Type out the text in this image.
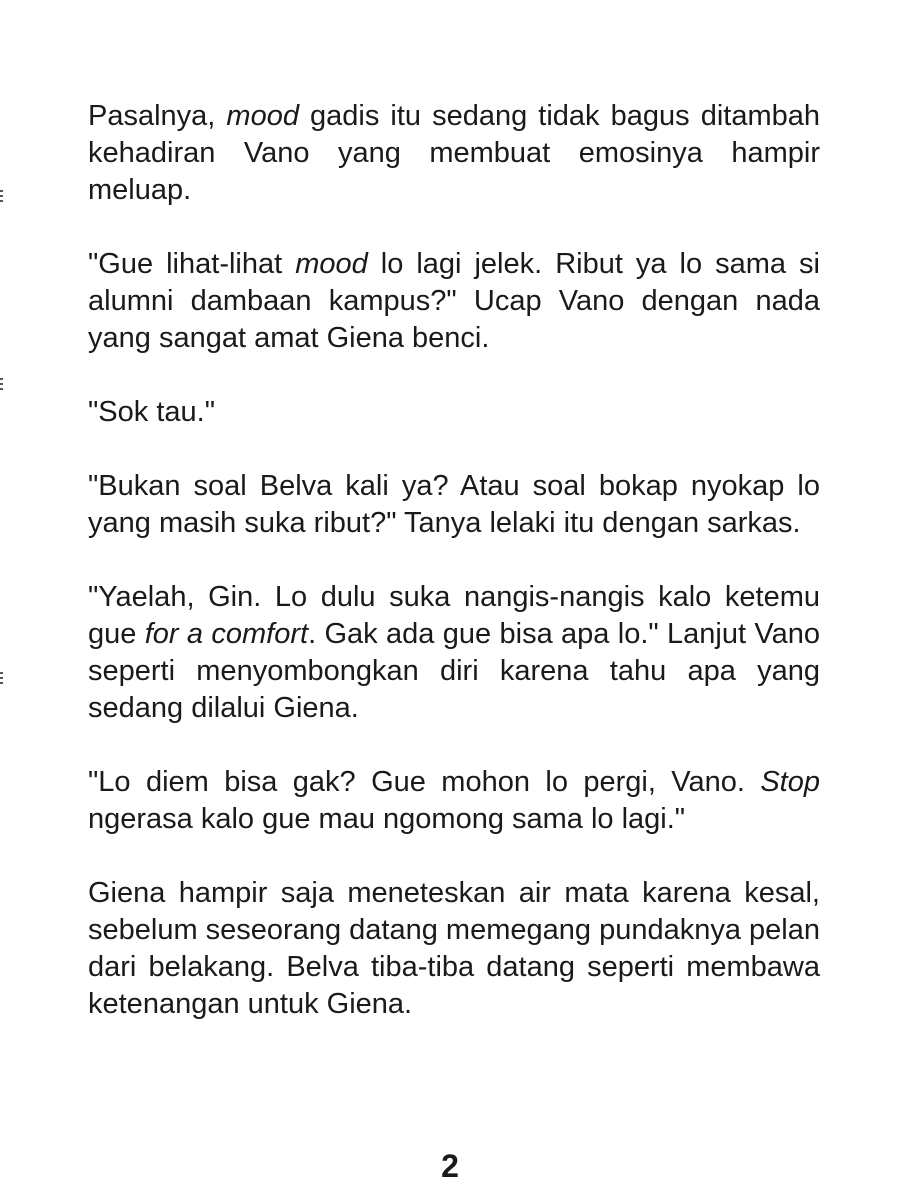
Pasalnya, mood gadis itu sedang tidak bagus ditambah kehadiran Vano yang membuat emosinya hampir meluap.

"Gue lihat-lihat mood lo lagi jelek. Ribut ya lo sama si alumni dambaan kampus?" Ucap Vano dengan nada yang sangat amat Giena benci.

"Sok tau."

"Bukan soal Belva kali ya? Atau soal bokap nyokap lo yang masih suka ribut?" Tanya lelaki itu dengan sarkas.

"Yaelah, Gin. Lo dulu suka nangis-nangis kalo ketemu gue for a comfort. Gak ada gue bisa apa lo." Lanjut Vano seperti menyombongkan diri karena tahu apa yang sedang dilalui Giena.

"Lo diem bisa gak? Gue mohon lo pergi, Vano. Stop ngerasa kalo gue mau ngomong sama lo lagi."

Giena hampir saja meneteskan air mata karena kesal, sebelum seseorang datang memegang pundaknya pelan dari belakang. Belva tiba-tiba datang seperti membawa ketenangan untuk Giena.

2
